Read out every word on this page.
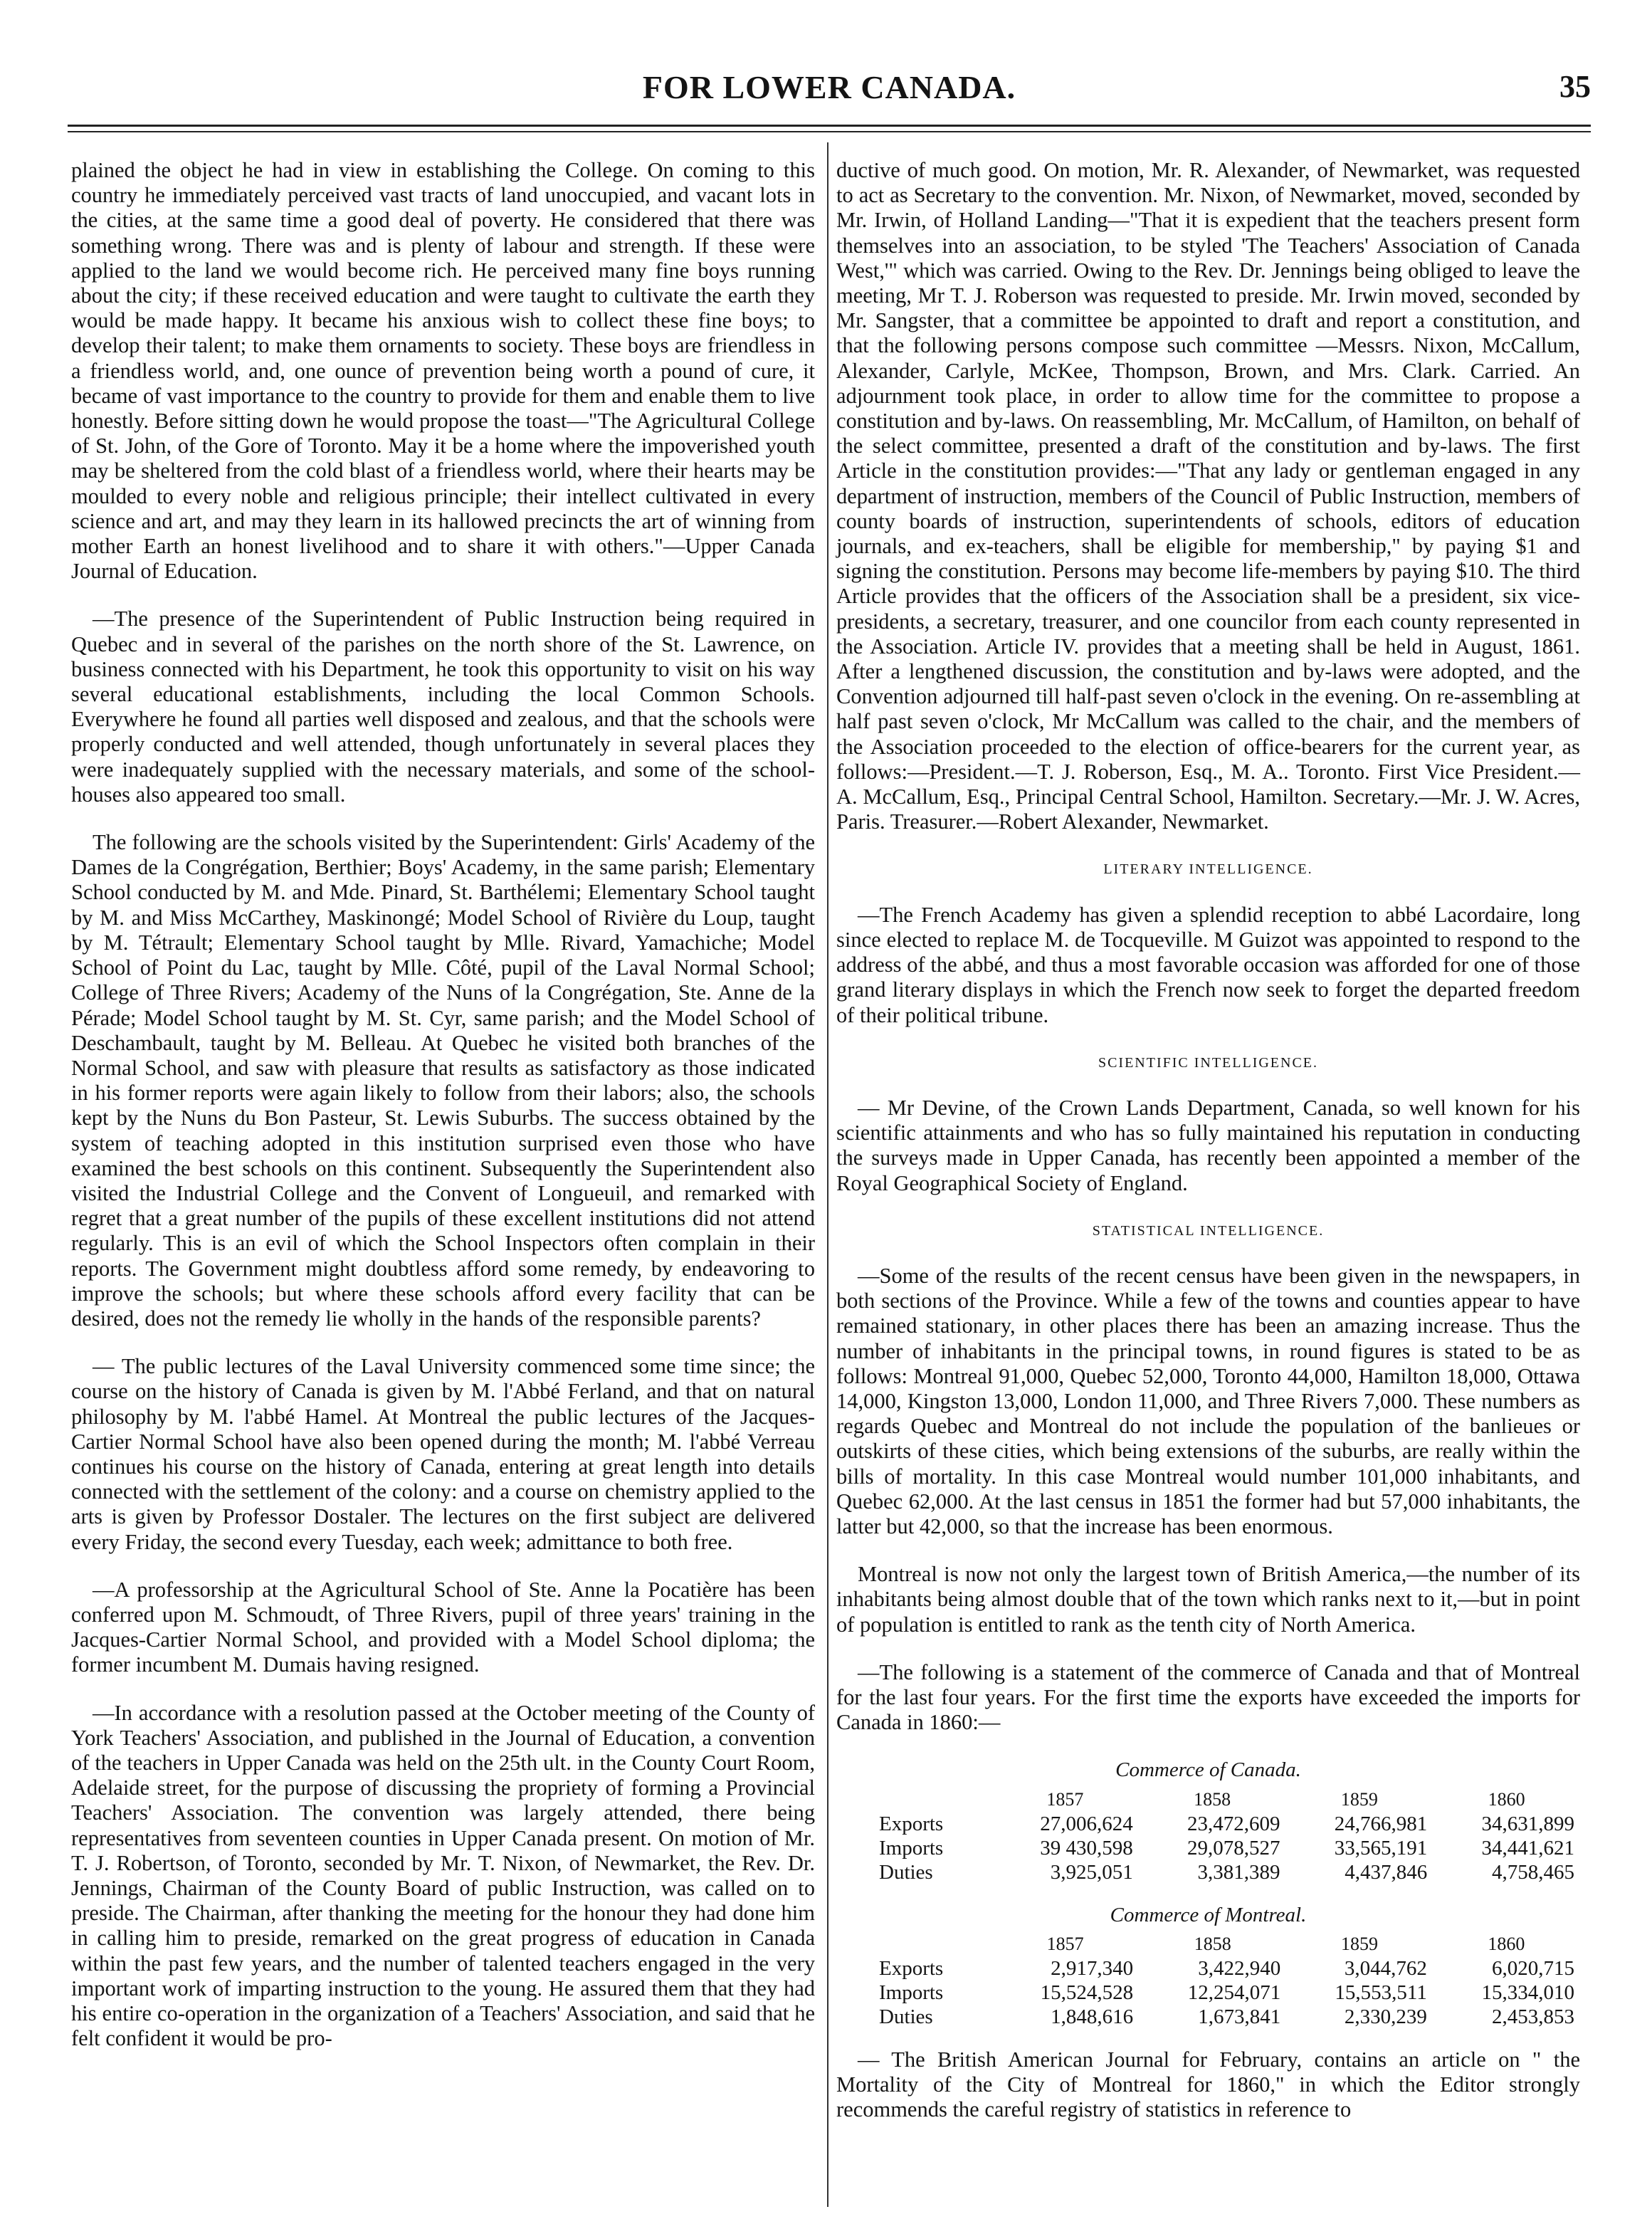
FOR LOWER CANADA.	35

plained the object he had in view in establishing the College. On coming to this country he immediately perceived vast tracts of land unoccupied, and vacant lots in the cities, at the same time a good deal of poverty. He considered that there was something wrong. There was and is plenty of labour and strength. If these were applied to the land we would become rich. He perceived many fine boys running about the city; if these received education and were taught to cultivate the earth they would be made happy. It became his anxious wish to collect these fine boys; to develop their talent; to make them ornaments to society. These boys are friendless in a friendless world, and, one ounce of prevention being worth a pound of cure, it became of vast importance to the country to provide for them and enable them to live honestly. Before sitting down he would propose the toast—"The Agricultural College of St. John, of the Gore of Toronto. May it be a home where the impoverished youth may be sheltered from the cold blast of a friendless world, where their hearts may be moulded to every noble and religious principle; their intellect cultivated in every science and art, and may they learn in its hallowed precincts the art of winning from mother Earth an honest livelihood and to share it with others."—Upper Canada Journal of Education.

—The presence of the Superintendent of Public Instruction being required in Quebec and in several of the parishes on the north shore of the St. Lawrence, on business connected with his Department, he took this opportunity to visit on his way several educational establishments, including the local Common Schools. Everywhere he found all parties well disposed and zealous, and that the schools were properly conducted and well attended, though unfortunately in several places they were inadequately supplied with the necessary materials, and some of the school-houses also appeared too small.

The following are the schools visited by the Superintendent: Girls' Academy of the Dames de la Congrégation, Berthier; Boys' Academy, in the same parish; Elementary School conducted by M. and Mde. Pinard, St. Barthélemi; Elementary School taught by M. and Miss McCarthey, Maskinongé; Model School of Rivière du Loup, taught by M. Tétrault; Elementary School taught by Mlle. Rivard, Yamachiche; Model School of Point du Lac, taught by Mlle. Côté, pupil of the Laval Normal School; College of Three Rivers; Academy of the Nuns of la Congrégation, Ste. Anne de la Pérade; Model School taught by M. St. Cyr, same parish; and the Model School of Deschambault, taught by M. Belleau. At Quebec he visited both branches of the Normal School, and saw with pleasure that results as satisfactory as those indicated in his former reports were again likely to follow from their labors; also, the schools kept by the Nuns du Bon Pasteur, St. Lewis Suburbs. The success obtained by the system of teaching adopted in this institution surprised even those who have examined the best schools on this continent. Subsequently the Superintendent also visited the Industrial College and the Convent of Longueuil, and remarked with regret that a great number of the pupils of these excellent institutions did not attend regularly. This is an evil of which the School Inspectors often complain in their reports. The Government might doubtless afford some remedy, by endeavoring to improve the schools; but where these schools afford every facility that can be desired, does not the remedy lie wholly in the hands of the responsible parents?

— The public lectures of the Laval University commenced some time since; the course on the history of Canada is given by M. l'Abbé Ferland, and that on natural philosophy by M. l'abbé Hamel. At Montreal the public lectures of the Jacques-Cartier Normal School have also been opened during the month; M. l'abbé Verreau continues his course on the history of Canada, entering at great length into details connected with the settlement of the colony: and a course on chemistry applied to the arts is given by Professor Dostaler. The lectures on the first subject are delivered every Friday, the second every Tuesday, each week; admittance to both free.

—A professorship at the Agricultural School of Ste. Anne la Pocatière has been conferred upon M. Schmoudt, of Three Rivers, pupil of three years' training in the Jacques-Cartier Normal School, and provided with a Model School diploma; the former incumbent M. Dumais having resigned.

—In accordance with a resolution passed at the October meeting of the County of York Teachers' Association, and published in the Journal of Education, a convention of the teachers in Upper Canada was held on the 25th ult. in the County Court Room, Adelaide street, for the purpose of discussing the propriety of forming a Provincial Teachers' Association. The convention was largely attended, there being representatives from seventeen counties in Upper Canada present. On motion of Mr. T. J. Robertson, of Toronto, seconded by Mr. T. Nixon, of Newmarket, the Rev. Dr. Jennings, Chairman of the County Board of public Instruction, was called on to preside. The Chairman, after thanking the meeting for the honour they had done him in calling him to preside, remarked on the great progress of education in Canada within the past few years, and the number of talented teachers engaged in the very important work of imparting instruction to the young. He assured them that they had his entire co-operation in the organization of a Teachers' Association, and said that he felt confident it would be pro-

ductive of much good. On motion, Mr. R. Alexander, of Newmarket, was requested to act as Secretary to the convention. Mr. Nixon, of Newmarket, moved, seconded by Mr. Irwin, of Holland Landing—"That it is expedient that the teachers present form themselves into an association, to be styled 'The Teachers' Association of Canada West,'" which was carried. Owing to the Rev. Dr. Jennings being obliged to leave the meeting, Mr T. J. Roberson was requested to preside. Mr. Irwin moved, seconded by Mr. Sangster, that a committee be appointed to draft and report a constitution, and that the following persons compose such committee —Messrs. Nixon, McCallum, Alexander, Carlyle, McKee, Thompson, Brown, and Mrs. Clark. Carried. An adjournment took place, in order to allow time for the committee to propose a constitution and by-laws. On reassembling, Mr. McCallum, of Hamilton, on behalf of the select committee, presented a draft of the constitution and by-laws. The first Article in the constitution provides:—"That any lady or gentleman engaged in any department of instruction, members of the Council of Public Instruction, members of county boards of instruction, superintendents of schools, editors of education journals, and ex-teachers, shall be eligible for membership," by paying $1 and signing the constitution. Persons may become life-members by paying $10. The third Article provides that the officers of the Association shall be a president, six vice-presidents, a secretary, treasurer, and one councilor from each county represented in the Association. Article IV. provides that a meeting shall be held in August, 1861. After a lengthened discussion, the constitution and by-laws were adopted, and the Convention adjourned till half-past seven o'clock in the evening. On re-assembling at half past seven o'clock, Mr McCallum was called to the chair, and the members of the Association proceeded to the election of office-bearers for the current year, as follows:—President.—T. J. Roberson, Esq., M. A.. Toronto. First Vice President.—A. McCallum, Esq., Principal Central School, Hamilton. Secretary.—Mr. J. W. Acres, Paris. Treasurer.—Robert Alexander, Newmarket.

LITERARY INTELLIGENCE.

—The French Academy has given a splendid reception to abbé Lacordaire, long since elected to replace M. de Tocqueville. M Guizot was appointed to respond to the address of the abbé, and thus a most favorable occasion was afforded for one of those grand literary displays in which the French now seek to forget the departed freedom of their political tribune.

SCIENTIFIC INTELLIGENCE.

— Mr Devine, of the Crown Lands Department, Canada, so well known for his scientific attainments and who has so fully maintained his reputation in conducting the surveys made in Upper Canada, has recently been appointed a member of the Royal Geographical Society of England.

STATISTICAL INTELLIGENCE.

—Some of the results of the recent census have been given in the newspapers, in both sections of the Province. While a few of the towns and counties appear to have remained stationary, in other places there has been an amazing increase. Thus the number of inhabitants in the principal towns, in round figures is stated to be as follows: Montreal 91,000, Quebec 52,000, Toronto 44,000, Hamilton 18,000, Ottawa 14,000, Kingston 13,000, London 11,000, and Three Rivers 7,000. These numbers as regards Quebec and Montreal do not include the population of the banlieues or outskirts of these cities, which being extensions of the suburbs, are really within the bills of mortality. In this case Montreal would number 101,000 inhabitants, and Quebec 62,000. At the last census in 1851 the former had but 57,000 inhabitants, the latter but 42,000, so that the increase has been enormous.

Montreal is now not only the largest town of British America,—the number of its inhabitants being almost double that of the town which ranks next to it,—but in point of population is entitled to rank as the tenth city of North America.

—The following is a statement of the commerce of Canada and that of Montreal for the last four years. For the first time the exports have exceeded the imports for Canada in 1860:—

Commerce of Canada.
	1857	1858	1859	1860
Exports	27,006,624	23,472,609	24,766,981	34,631,899
Imports	39 430,598	29,078,527	33,565,191	34,441,621
Duties	3,925,051	3,381,389	4,437,846	4,758,465
Commerce of Montreal.
	1857	1858	1859	1860
Exports	2,917,340	3,422,940	3,044,762	6,020,715
Imports	15,524,528	12,254,071	15,553,511	15,334,010
Duties	1,848,616	1,673,841	2,330,239	2,453,853

— The British American Journal for February, contains an article on " the Mortality of the City of Montreal for 1860," in which the Editor strongly recommends the careful registry of statistics in reference to
